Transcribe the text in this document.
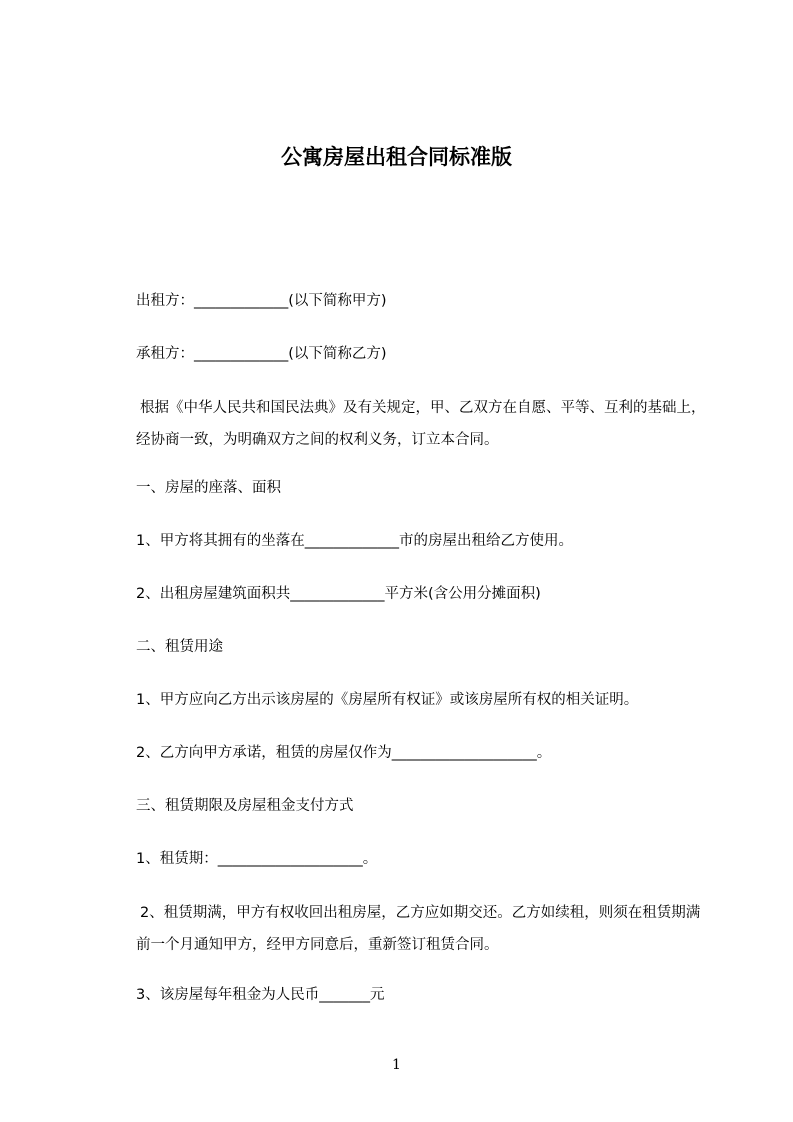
公寓房屋出租合同标准版

出租方：_____________(以下简称甲方)

承租方：_____________(以下简称乙方)

根据《中华人民共和国民法典》及有关规定，甲、乙双方在自愿、平等、互利的基础上，经协商一致，为明确双方之间的权利义务，订立本合同。

一、房屋的座落、面积

1、甲方将其拥有的坐落在_____________市的房屋出租给乙方使用。

2、出租房屋建筑面积共_____________平方米(含公用分摊面积)

二、租赁用途

1、甲方应向乙方出示该房屋的《房屋所有权证》或该房屋所有权的相关证明。

2、乙方向甲方承诺，租赁的房屋仅作为____________________。

三、租赁期限及房屋租金支付方式

1、租赁期：____________________。

2、租赁期满，甲方有权收回出租房屋，乙方应如期交还。乙方如续租，则须在租赁期满前一个月通知甲方，经甲方同意后，重新签订租赁合同。

3、该房屋每年租金为人民币_______元

1
